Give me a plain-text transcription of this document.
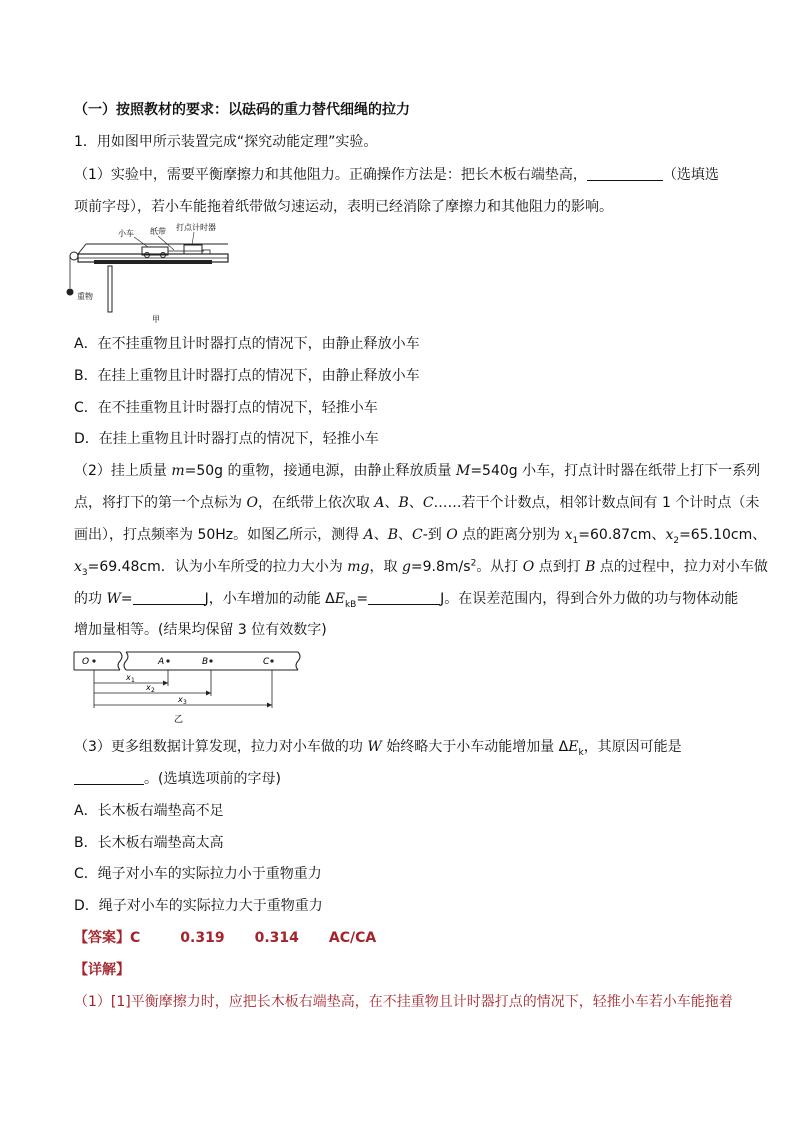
（一）按照教材的要求：以砝码的重力替代细绳的拉力
1．用如图甲所示装置完成“探究动能定理”实验。
（1）实验中，需要平衡摩擦力和其他阻力。正确操作方法是：把长木板右端垫高，	（选填选
项前字母），若小车能拖着纸带做匀速运动，表明已经消除了摩擦力和其他阻力的影响。
小车 纸带 打点计时器
重物
甲
A．在不挂重物且计时器打点的情况下，由静止释放小车
B．在挂上重物且计时器打点的情况下，由静止释放小车
C．在不挂重物且计时器打点的情况下，轻推小车
D．在挂上重物且计时器打点的情况下，轻推小车
（2）挂上质量 m=50g 的重物，接通电源，由静止释放质量 M=540g 小车，打点计时器在纸带上打下一系列
点，将打下的第一个点标为 O，在纸带上依次取 A、B、C……若干个计数点，相邻计数点间有 1 个计时点（未
画出），打点频率为 50Hz。如图乙所示，测得 A、B、C-到 O 点的距离分别为 $x_1=60.87cm$、$x_2=65.10cm$、
$x_3=69.48cm$．认为小车所受的拉力大小为 mg，取 $g=9.8m/s^2$。从打 O 点到打 B 点的过程中，拉力对小车做
的功 W=	J，小车增加的动能 $\Delta E_{kB}=$	J。在误差范围内，得到合外力做的功与物体动能
增加量相等。(结果均保留 3 位有效数字)
O	A	B	C
x 1
x 2
x 3
乙
（3）更多组数据计算发现，拉力对小车做的功 W 始终略大于小车动能增加量 $\Delta E_k$，其原因可能是
。(选填选项前的字母)
A．长木板右端垫高不足
B．长木板右端垫高太高
C．绳子对小车的实际拉力小于重物重力
D．绳子对小车的实际拉力大于重物重力
【答案】C	0.319 0.314 AC/CA
【详解】
（1）[1]平衡摩擦力时，应把长木板右端垫高，在不挂重物且计时器打点的情况下，轻推小车若小车能拖着
